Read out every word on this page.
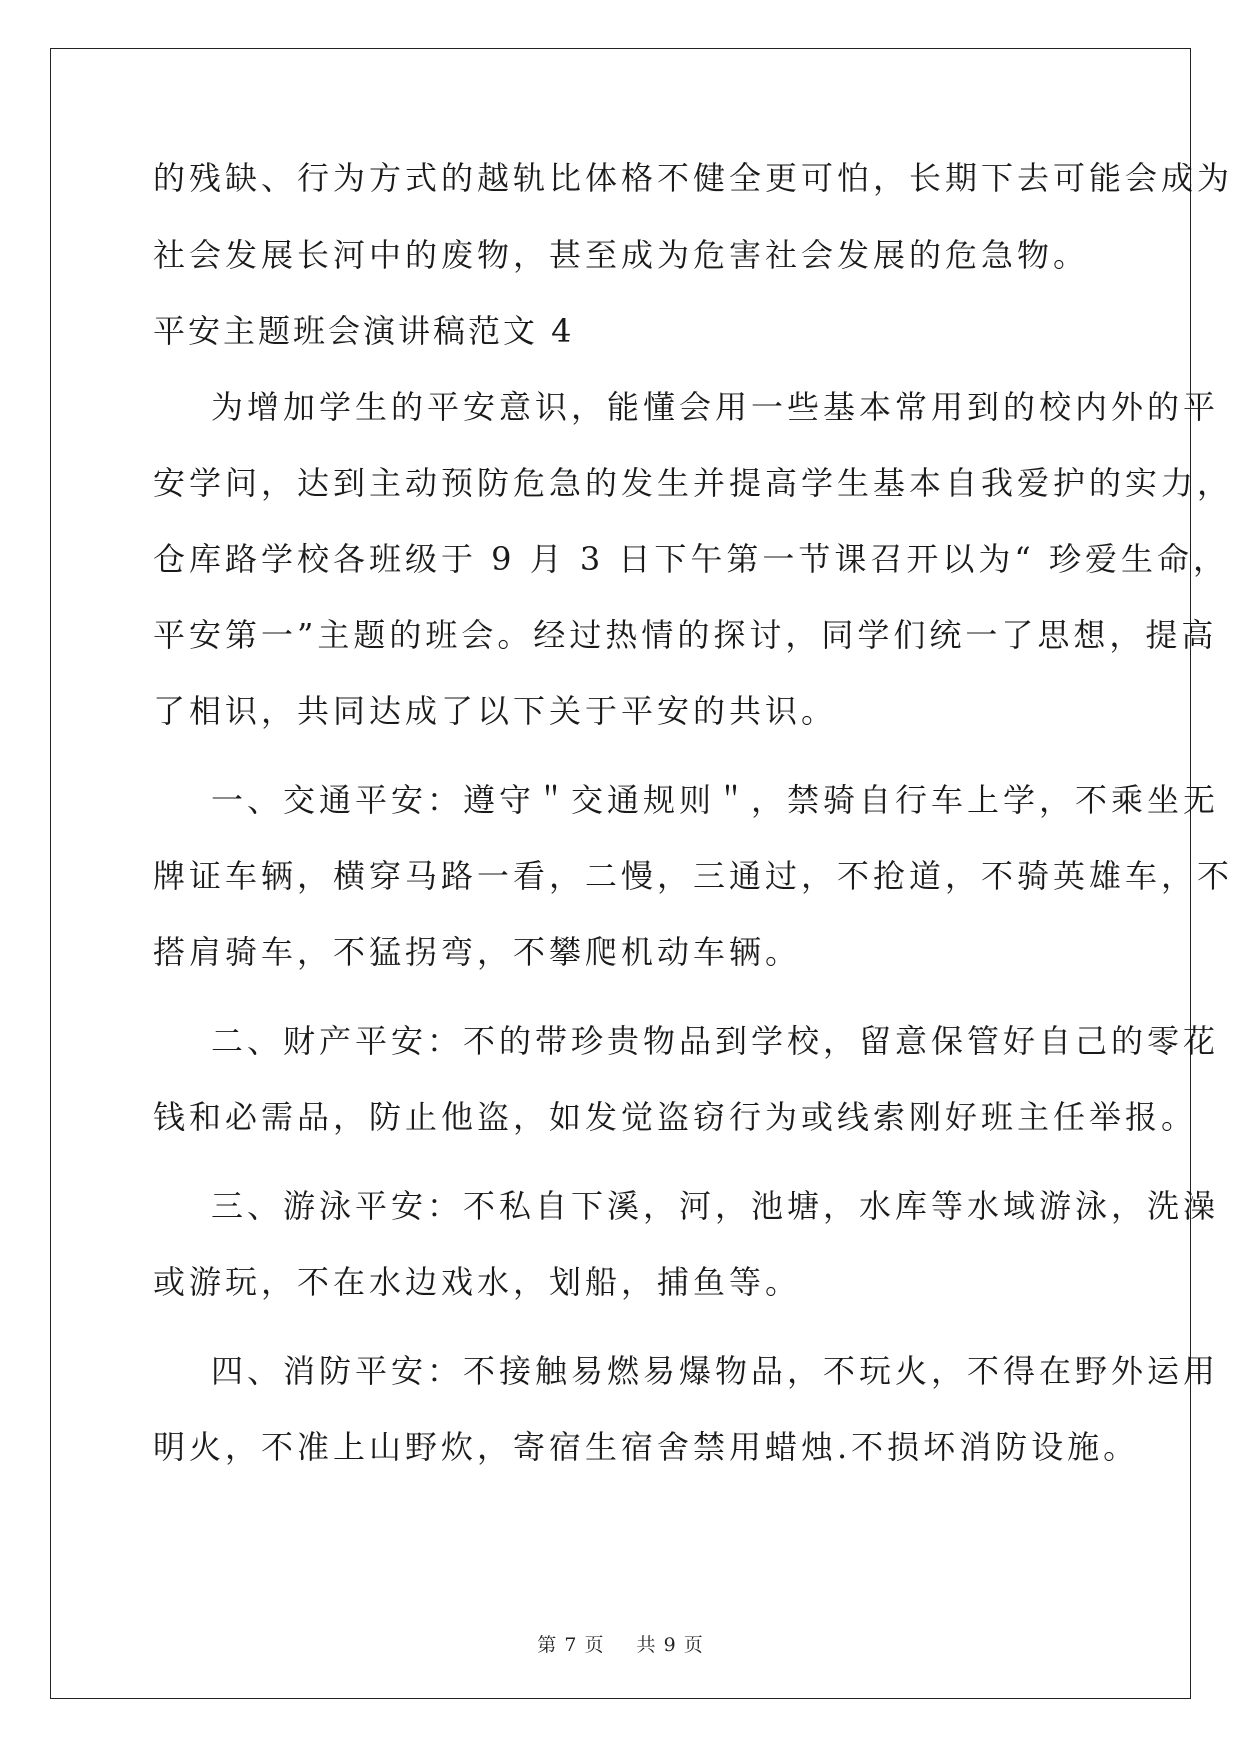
的残缺、行为方式的越轨比体格不健全更可怕，长期下去可能会成为
社会发展长河中的废物，甚至成为危害社会发展的危急物。
平安主题班会演讲稿范文 4
为增加学生的平安意识，能懂会用一些基本常用到的校内外的平
安学问，达到主动预防危急的发生并提高学生基本自我爱护的实力，
仓库路学校各班级于 9 月 3 日下午第一节课召开以为“ 珍爱生命，
平安第一”主题的班会。经过热情的探讨，同学们统一了思想，提高
了相识，共同达成了以下关于平安的共识。
一、交通平安：遵守＂交通规则＂，禁骑自行车上学，不乘坐无
牌证车辆，横穿马路一看，二慢，三通过，不抢道，不骑英雄车，不
搭肩骑车，不猛拐弯，不攀爬机动车辆。
二、财产平安：不的带珍贵物品到学校，留意保管好自己的零花
钱和必需品，防止他盗，如发觉盗窃行为或线索刚好班主任举报。
三、游泳平安：不私自下溪，河，池塘，水库等水域游泳，洗澡
或游玩，不在水边戏水，划船，捕鱼等。
四、消防平安：不接触易燃易爆物品，不玩火，不得在野外运用
明火，不准上山野炊，寄宿生宿舍禁用蜡烛.不损坏消防设施。
第 7 页 共 9 页
